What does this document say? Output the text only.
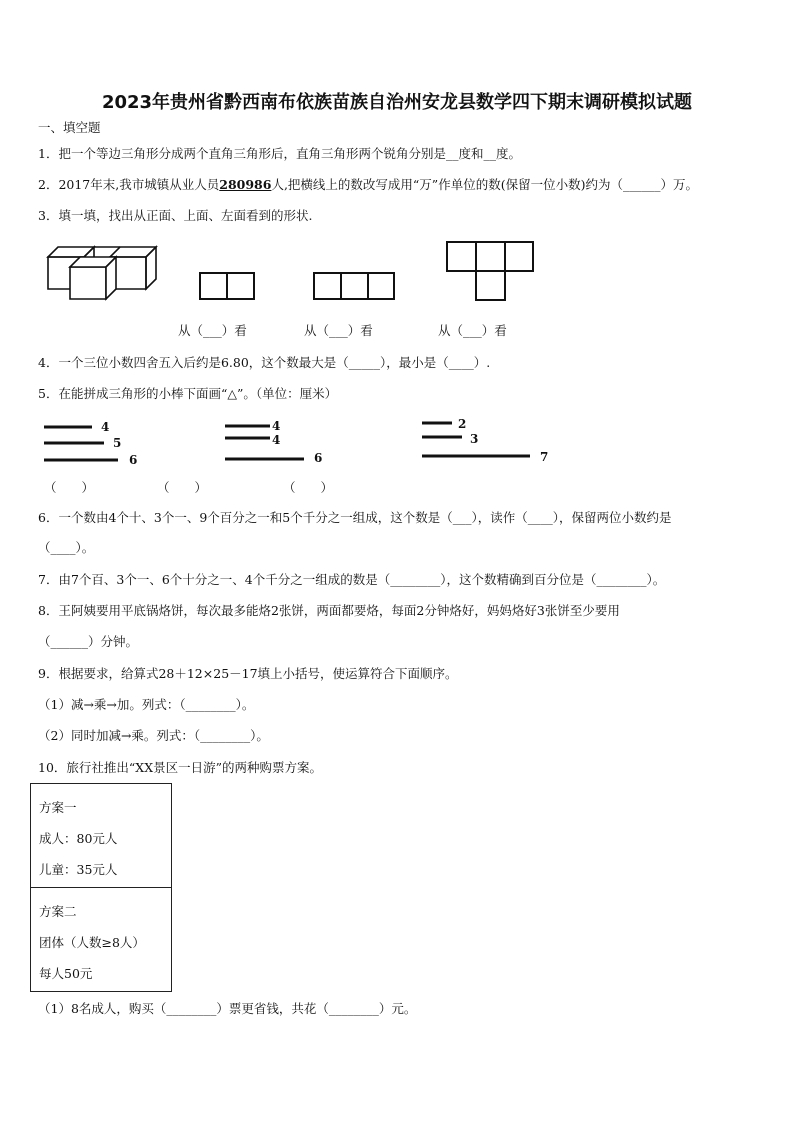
2023年贵州省黔西南布依族苗族自治州安龙县数学四下期末调研模拟试题
一、填空题
1．把一个等边三角形分成两个直角三角形后，直角三角形两个锐角分别是__度和__度。
2．2017年末,我市城镇从业人员280986人,把横线上的数改写成用“万”作单位的数(保留一位小数)约为（______）万。
3．填一填，找出从正面、上面、左面看到的形状.
从（___）看	从（___）看	从（___）看
4．一个三位小数四舍五入后约是6.80，这个数最大是（_____），最小是（____）.
5．在能拼成三角形的小棒下面画“△”。（单位：厘米）
4
5
6
4
4
6
2
3
7
（　　）	（　　）	（　　）
6．一个数由4个十、3个一、9个百分之一和5个千分之一组成，这个数是（___），读作（____），保留两位小数约是
（____）。
7．由7个百、3个一、6个十分之一、4个千分之一组成的数是（________），这个数精确到百分位是（________）。
8．王阿姨要用平底锅烙饼，每次最多能烙2张饼，两面都要烙，每面2分钟烙好，妈妈烙好3张饼至少要用
（______）分钟。
9．根据要求，给算式28＋12×25－17填上小括号，使运算符合下面顺序。
（1）减→乘→加。列式：（________）。
（2）同时加减→乘。列式：（________）。
10．旅行社推出“XX景区一日游”的两种购票方案。
方案一
成人：80元人
儿童：35元人
方案二
团体（人数≥8人）
每人50元
（1）8名成人，购买（________）票更省钱，共花（________）元。
